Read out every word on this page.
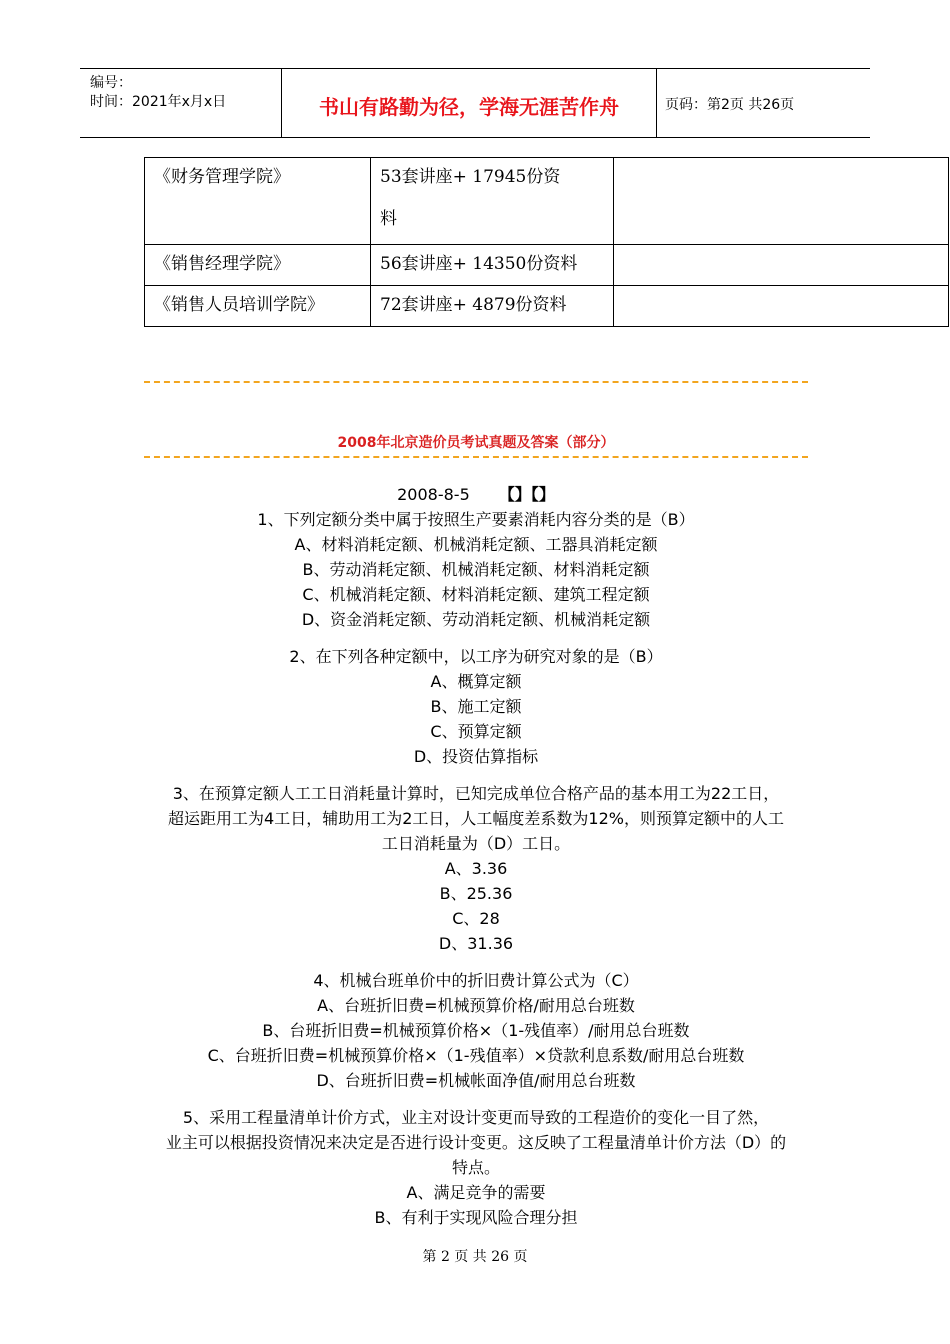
编号：
时间：2021年x月x日	书山有路勤为径，学海无涯苦作舟	页码：第2页 共26页
《财务管理学院》	53套讲座+ 17945份资
料	

《销售经理学院》	56套讲座+ 14350份资料	
《销售人员培训学院》	72套讲座+ 4879份资料	
2008年北京造价员考试真题及答案（部分）

2008-8-5 【】【】

1、下列定额分类中属于按照生产要素消耗内容分类的是（B）

A、材料消耗定额、机械消耗定额、工器具消耗定额

B、劳动消耗定额、机械消耗定额、材料消耗定额

C、机械消耗定额、材料消耗定额、建筑工程定额

D、资金消耗定额、劳动消耗定额、机械消耗定额

2、在下列各种定额中，以工序为研究对象的是（B）

A、概算定额

B、施工定额

C、预算定额

D、投资估算指标

3、在预算定额人工工日消耗量计算时，已知完成单位合格产品的基本用工为22工日，

超运距用工为4工日，辅助用工为2工日，人工幅度差系数为12%，则预算定额中的人工

工日消耗量为（D）工日。

A、3.36

B、25.36

C、28

D、31.36

4、机械台班单价中的折旧费计算公式为（C）

A、台班折旧费=机械预算价格/耐用总台班数

B、台班折旧费=机械预算价格×（1-残值率）/耐用总台班数

C、台班折旧费=机械预算价格×（1-残值率）×贷款利息系数/耐用总台班数

D、台班折旧费=机械帐面净值/耐用总台班数

5、采用工程量清单计价方式，业主对设计变更而导致的工程造价的变化一目了然，

业主可以根据投资情况来决定是否进行设计变更。这反映了工程量清单计价方法（D）的

特点。

A、满足竞争的需要

B、有利于实现风险合理分担

第 2 页 共 26 页
